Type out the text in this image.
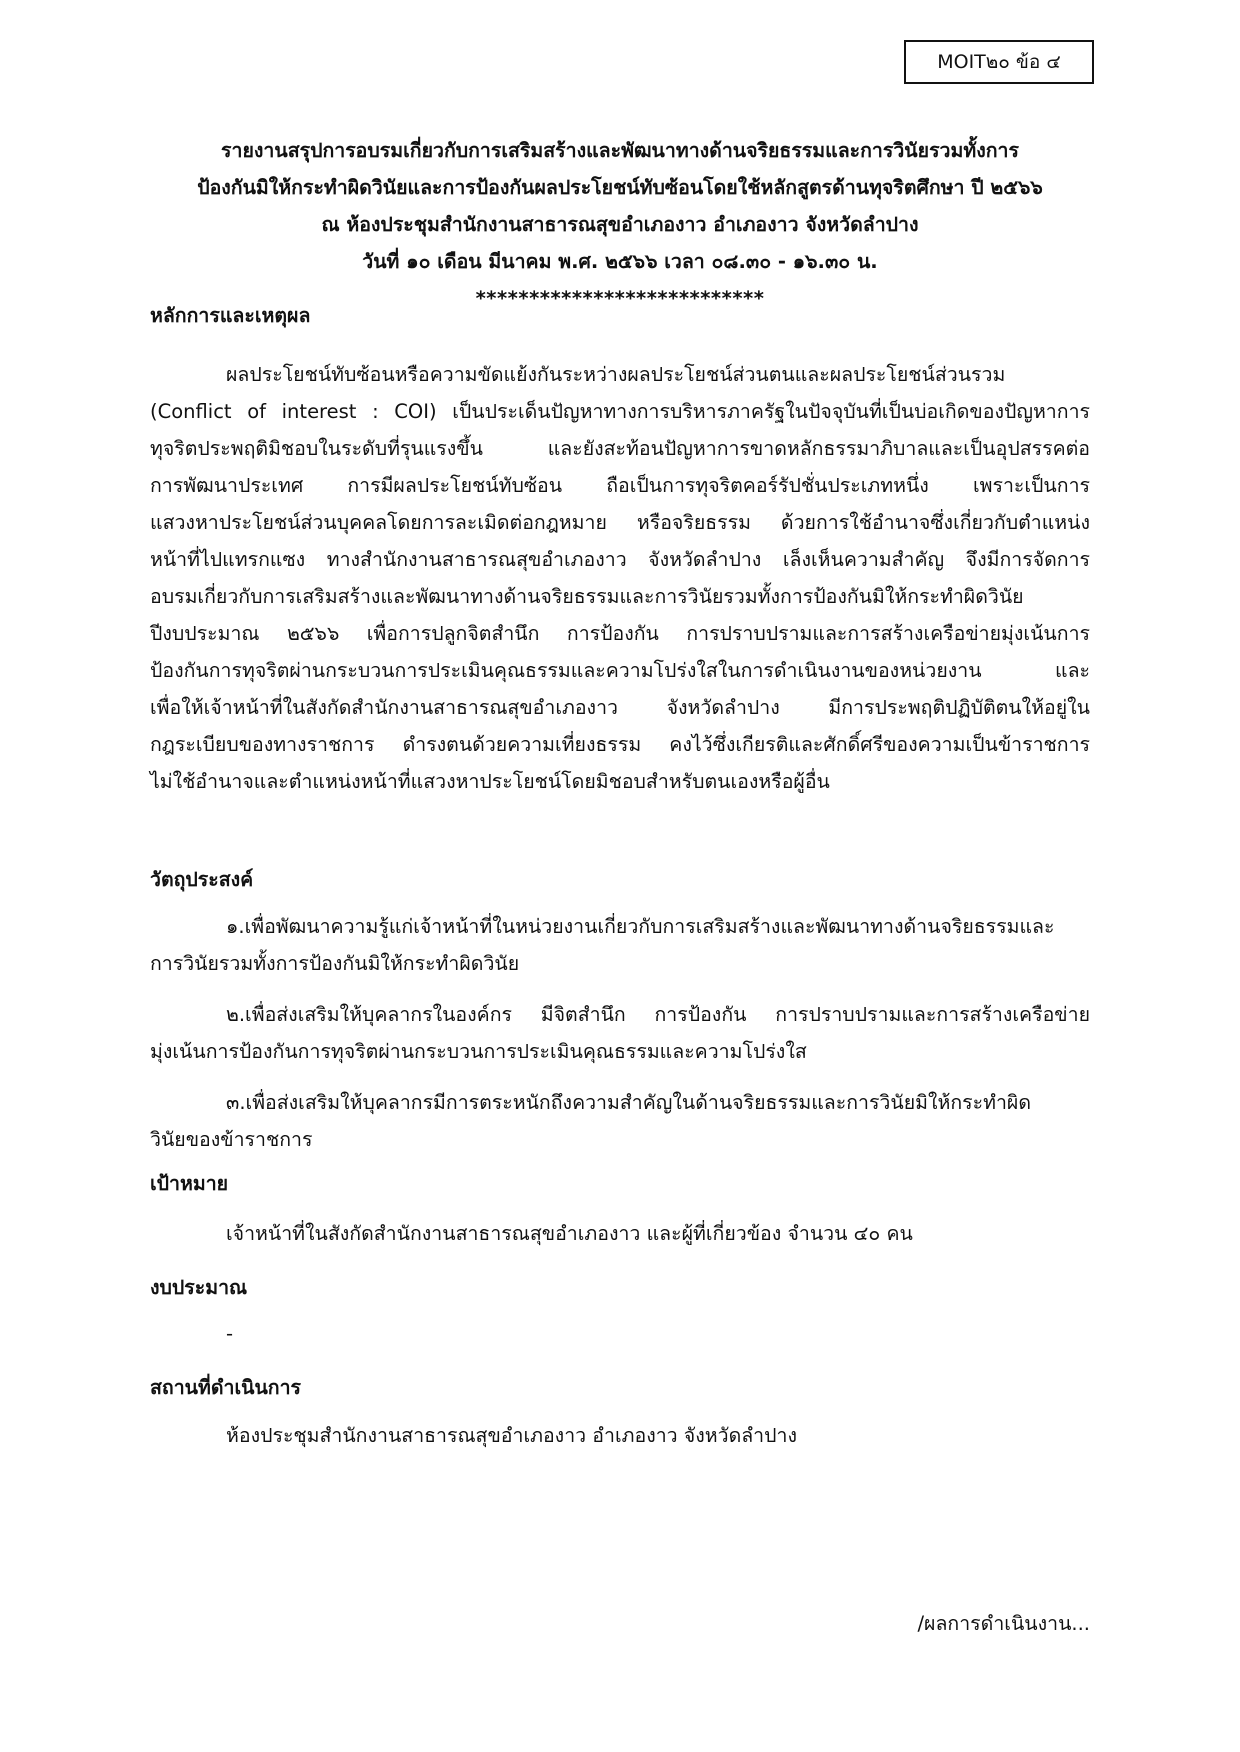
MOIT๒๐ ข้อ ๔
รายงานสรุปการอบรมเกี่ยวกับการเสริมสร้างและพัฒนาทางด้านจริยธรรมและการวินัยรวมทั้งการ
ป้องกันมิให้กระทำผิดวินัยและการป้องกันผลประโยชน์ทับซ้อนโดยใช้หลักสูตรด้านทุจริตศึกษา ปี ๒๕๖๖
ณ ห้องประชุมสำนักงานสาธารณสุขอำเภองาว อำเภองาว จังหวัดลำปาง
วันที่ ๑๐ เดือน มีนาคม พ.ศ. ๒๕๖๖ เวลา ๐๘.๓๐ - ๑๖.๓๐ น.
***************************
หลักการและเหตุผล
ผลประโยชน์ทับซ้อนหรือความขัดแย้งกันระหว่างผลประโยชน์ส่วนตนและผลประโยชน์ส่วนรวม
(Conflict of interest : COI) เป็นประเด็นปัญหาทางการบริหารภาครัฐในปัจจุบันที่เป็นบ่อเกิดของปัญหาการ
ทุจริตประพฤติมิชอบในระดับที่รุนแรงขึ้น และยังสะท้อนปัญหาการขาดหลักธรรมาภิบาลและเป็นอุปสรรคต่อ
การพัฒนาประเทศ การมีผลประโยชน์ทับซ้อน ถือเป็นการทุจริตคอร์รัปชั่นประเภทหนึ่ง เพราะเป็นการ
แสวงหาประโยชน์ส่วนบุคคลโดยการละเมิดต่อกฎหมาย หรือจริยธรรม ด้วยการใช้อำนาจซึ่งเกี่ยวกับตำแหน่ง
หน้าที่ไปแทรกแซง ทางสำนักงานสาธารณสุขอำเภองาว จังหวัดลำปาง เล็งเห็นความสำคัญ จึงมีการจัดการ
อบรมเกี่ยวกับการเสริมสร้างและพัฒนาทางด้านจริยธรรมและการวินัยรวมทั้งการป้องกันมิให้กระทำผิดวินัย
ปีงบประมาณ ๒๕๖๖ เพื่อการปลูกจิตสำนึก การป้องกัน การปราบปรามและการสร้างเครือข่ายมุ่งเน้นการ
ป้องกันการทุจริตผ่านกระบวนการประเมินคุณธรรมและความโปร่งใสในการดำเนินงานของหน่วยงาน และ
เพื่อให้เจ้าหน้าที่ในสังกัดสำนักงานสาธารณสุขอำเภองาว จังหวัดลำปาง มีการประพฤติปฏิบัติตนให้อยู่ใน
กฎระเบียบของทางราชการ ดำรงตนด้วยความเที่ยงธรรม คงไว้ซึ่งเกียรติและศักดิ์ศรีของความเป็นข้าราชการ
ไม่ใช้อำนาจและตำแหน่งหน้าที่แสวงหาประโยชน์โดยมิชอบสำหรับตนเองหรือผู้อื่น
วัตถุประสงค์
๑.เพื่อพัฒนาความรู้แก่เจ้าหน้าที่ในหน่วยงานเกี่ยวกับการเสริมสร้างและพัฒนาทางด้านจริยธรรมและ
การวินัยรวมทั้งการป้องกันมิให้กระทำผิดวินัย
๒.เพื่อส่งเสริมให้บุคลากรในองค์กร มีจิตสำนึก การป้องกัน การปราบปรามและการสร้างเครือข่าย
มุ่งเน้นการป้องกันการทุจริตผ่านกระบวนการประเมินคุณธรรมและความโปร่งใส
๓.เพื่อส่งเสริมให้บุคลากรมีการตระหนักถึงความสำคัญในด้านจริยธรรมและการวินัยมิให้กระทำผิด
วินัยของข้าราชการ
เป้าหมาย
เจ้าหน้าที่ในสังกัดสำนักงานสาธารณสุขอำเภองาว และผู้ที่เกี่ยวข้อง จำนวน ๔๐ คน
งบประมาณ
-
สถานที่ดำเนินการ
ห้องประชุมสำนักงานสาธารณสุขอำเภองาว อำเภองาว จังหวัดลำปาง
/ผลการดำเนินงาน...
